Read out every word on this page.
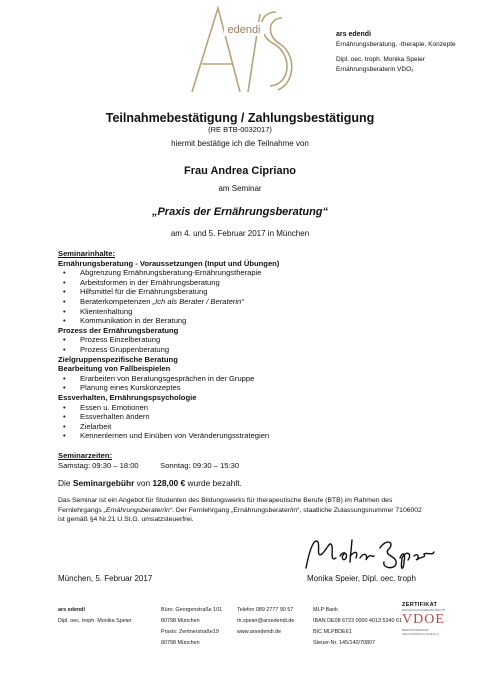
edendi	ars edendi
Ernährungsberatung, -therapie, Konzepte
Dipl. oec. troph. Monika Speier
Ernährungsberaterin VDO₂
Teilnahmebestätigung / Zahlungsbestätigung
(RE BTB-0032017)
hiermit bestätige ich die Teilnahme von
Frau Andrea Cipriano
am Seminar
„Praxis der Ernährungsberatung“
am 4. und 5. Februar 2017 in München
Seminarinhalte:
Ernährungsberatung - Voraussetzungen (Input und Übungen)
• Abgrenzung Ernährungsberatung-Ernährungstherapie
• Arbeitsformen in der Ernährungsberatung
• Hilfsmittel für die Ernährungsberatung
• Beraterkompetenzen „Ich als Berater / Beraterin“
• Klientenhaltung
• Kommunikation in der Beratung
Prozess der Ernährungsberatung
• Prozess Einzelberatung
• Prozess Gruppenberatung
Zielgruppenspezifische Beratung
Bearbeitung von Fallbeispielen
• Erarbeiten von Beratungsgesprächen in der Gruppe
• Planung eines Kurskonzeptes
Essverhalten, Ernährungspsychologie
• Essen u. Emotionen
• Essverhalten ändern
• Zielarbeit
• Kennenlernen und Einüben von Veränderungsstrategien
Seminarzeiten:
Samstag: 09:30 – 18:00	Sonntag: 09:30 – 15:30
Die Seminargebühr von 128,00 € wurde bezahlt.
Das Seminar ist ein Angebot für Studenten des Bildungswerks für therapeutische Berufe (BTB) im Rahmen des
Fernlehrgangs „Ernährungsberater/in“. Der Fernlehrgang „Ernährungsberater/in“, staatliche Zulassungsnummer 7106002
ist gemäß §4 Nr.21 U.St.G. umsatzsteuerfrei.
München, 5. Februar 2017	Monika Speier, Dipl. oec. troph
ars edendi
Dipl. oec. troph. Monika Speier
Büro: Georgenstraße 101
80798 München
Praxis: Zentnerstraße19
80798 München
Telefon 089 2777 90 57
m.speier@arsedendi.de
www.arsedendi.de
MLP Bank
IBAN DE08 6723 0000 4013 5340 61
BIC MLPBDE61
Steuer-Nr. 145/140/70807
ZERTIFIKAT
ERNÄHRUNGSBERATER/IN
VDOE
BERUFSVERBAND OECOTROPHOLOGIE E.V.
